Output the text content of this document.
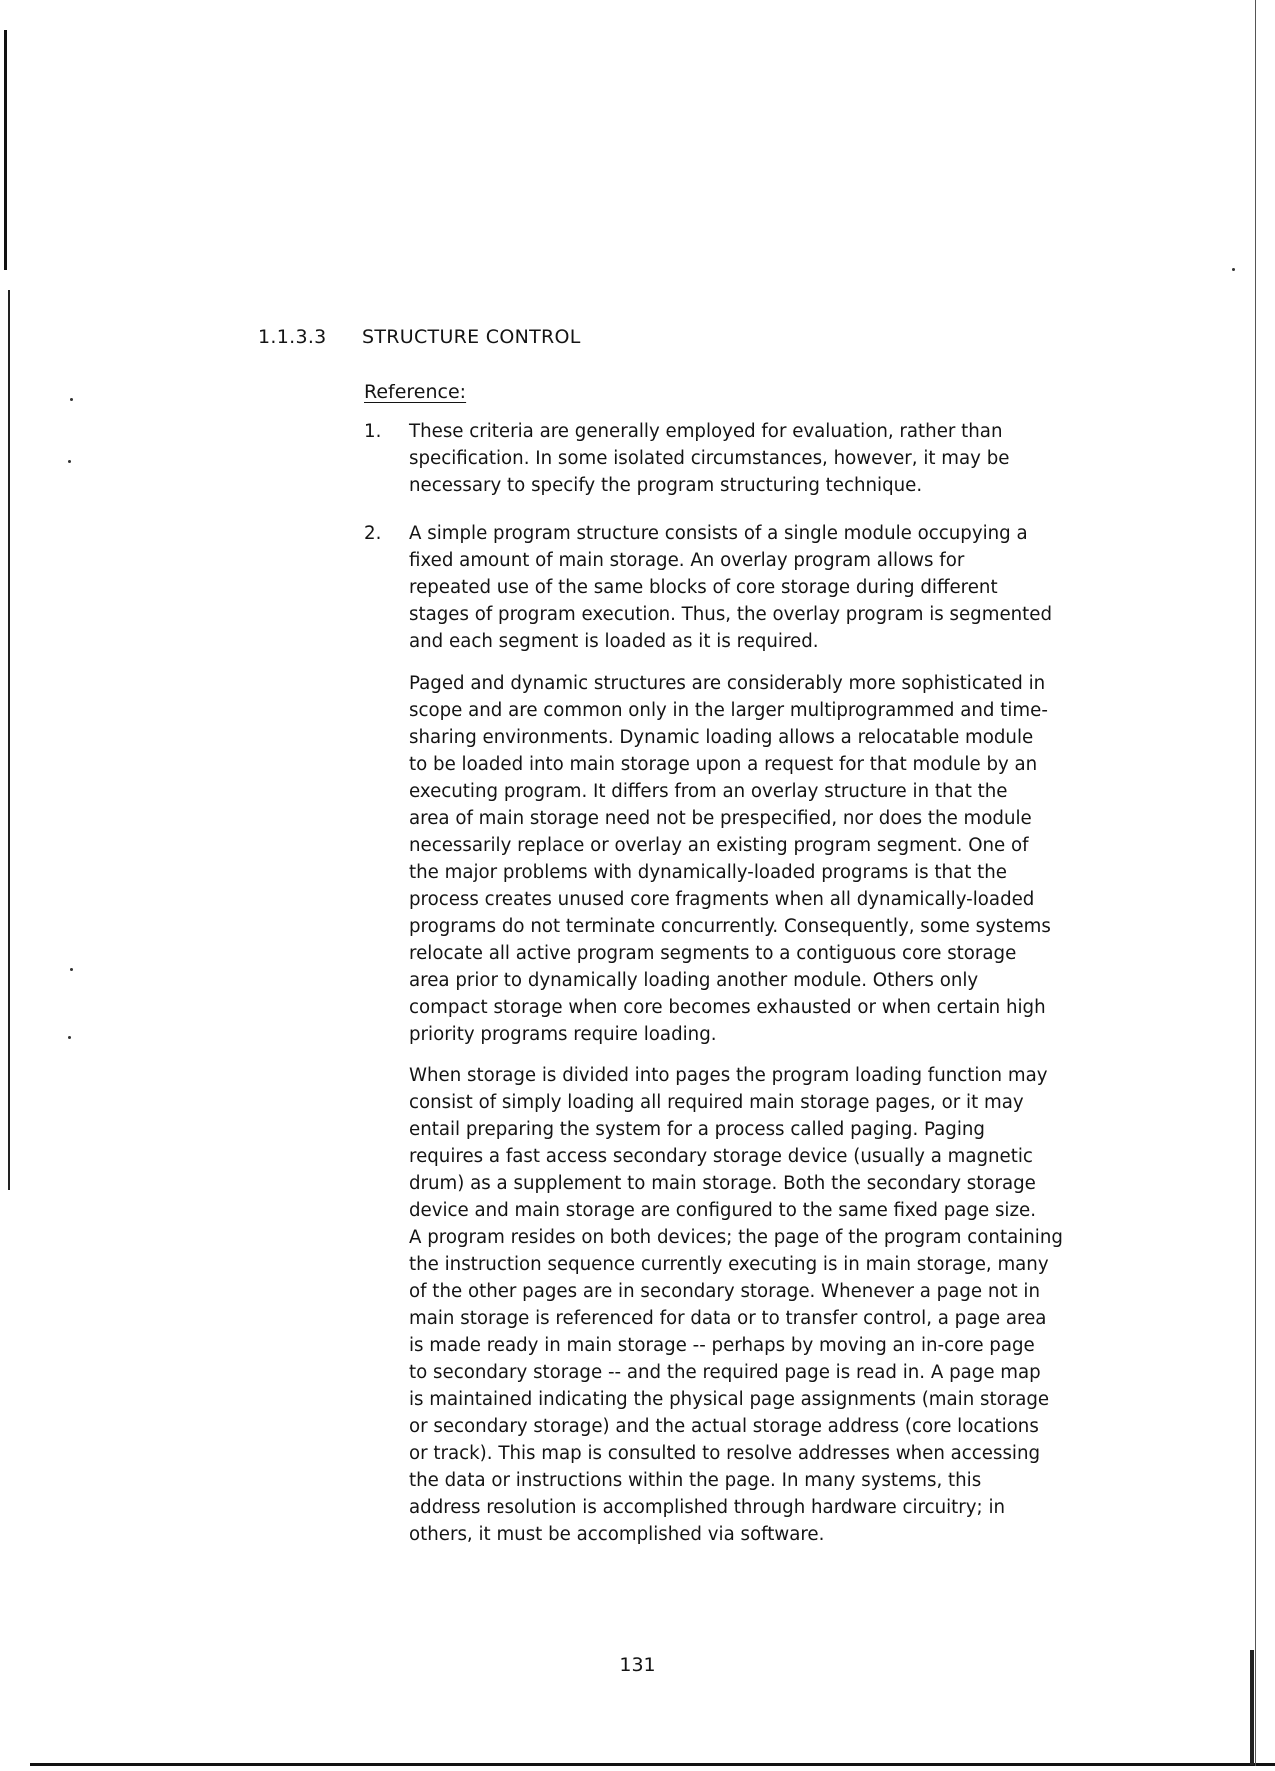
1.1.3.3 STRUCTURE CONTROL
Reference:
1. These criteria are generally employed for evaluation, rather than
specification. In some isolated circumstances, however, it may be
necessary to specify the program structuring technique.
2. A simple program structure consists of a single module occupying a
fixed amount of main storage. An overlay program allows for
repeated use of the same blocks of core storage during different
stages of program execution. Thus, the overlay program is segmented
and each segment is loaded as it is required.
Paged and dynamic structures are considerably more sophisticated in
scope and are common only in the larger multiprogrammed and time-
sharing environments. Dynamic loading allows a relocatable module
to be loaded into main storage upon a request for that module by an
executing program. It differs from an overlay structure in that the
area of main storage need not be prespecified, nor does the module
necessarily replace or overlay an existing program segment. One of
the major problems with dynamically-loaded programs is that the
process creates unused core fragments when all dynamically-loaded
programs do not terminate concurrently. Consequently, some systems
relocate all active program segments to a contiguous core storage
area prior to dynamically loading another module. Others only
compact storage when core becomes exhausted or when certain high
priority programs require loading.
When storage is divided into pages the program loading function may
consist of simply loading all required main storage pages, or it may
entail preparing the system for a process called paging. Paging
requires a fast access secondary storage device (usually a magnetic
drum) as a supplement to main storage. Both the secondary storage
device and main storage are configured to the same fixed page size.
A program resides on both devices; the page of the program containing
the instruction sequence currently executing is in main storage, many
of the other pages are in secondary storage. Whenever a page not in
main storage is referenced for data or to transfer control, a page area
is made ready in main storage -- perhaps by moving an in-core page
to secondary storage -- and the required page is read in. A page map
is maintained indicating the physical page assignments (main storage
or secondary storage) and the actual storage address (core locations
or track). This map is consulted to resolve addresses when accessing
the data or instructions within the page. In many systems, this
address resolution is accomplished through hardware circuitry; in
others, it must be accomplished via software.
131
